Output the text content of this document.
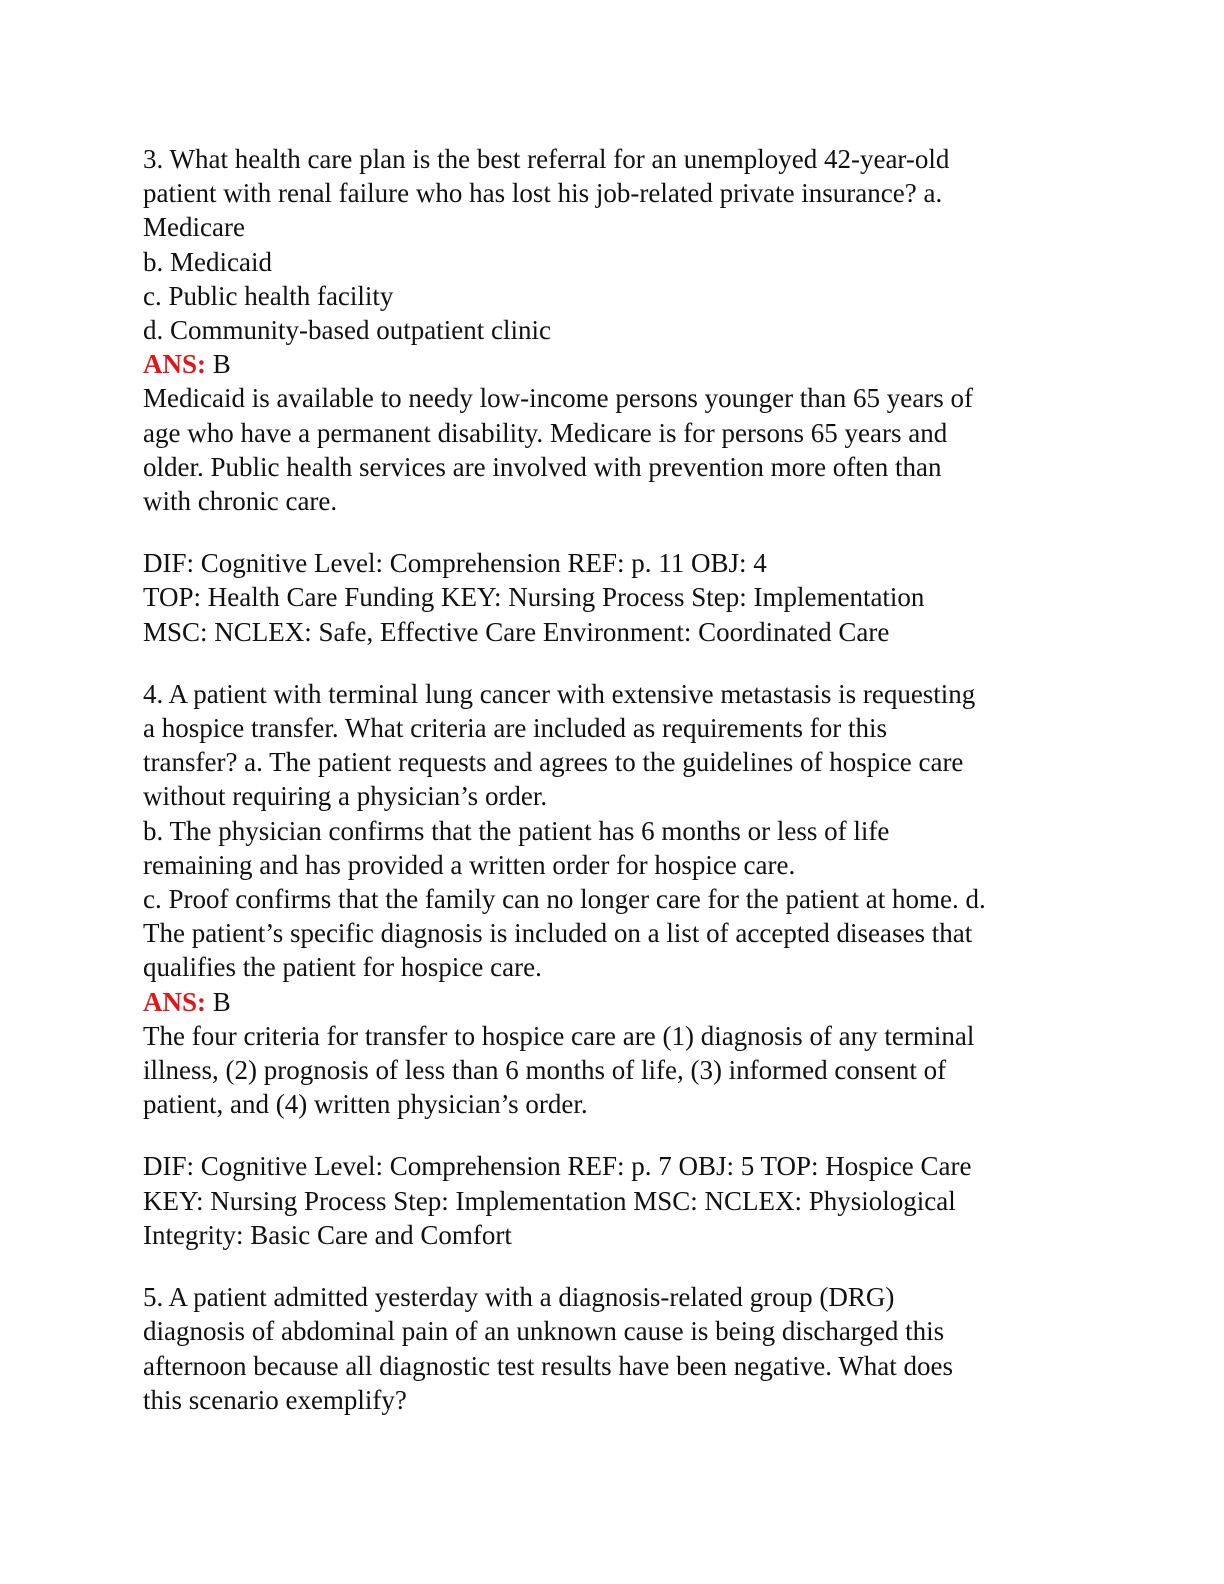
3. What health care plan is the best referral for an unemployed 42-year-old
patient with renal failure who has lost his job-related private insurance? a.
Medicare
b. Medicaid
c. Public health facility
d. Community-based outpatient clinic
ANS: B
Medicaid is available to needy low-income persons younger than 65 years of
age who have a permanent disability. Medicare is for persons 65 years and
older. Public health services are involved with prevention more often than
with chronic care.
DIF: Cognitive Level: Comprehension REF: p. 11 OBJ: 4
TOP: Health Care Funding KEY: Nursing Process Step: Implementation
MSC: NCLEX: Safe, Effective Care Environment: Coordinated Care
4. A patient with terminal lung cancer with extensive metastasis is requesting
a hospice transfer. What criteria are included as requirements for this
transfer? a. The patient requests and agrees to the guidelines of hospice care
without requiring a physician’s order.
b. The physician confirms that the patient has 6 months or less of life
remaining and has provided a written order for hospice care.
c. Proof confirms that the family can no longer care for the patient at home. d.
The patient’s specific diagnosis is included on a list of accepted diseases that
qualifies the patient for hospice care.
ANS: B
The four criteria for transfer to hospice care are (1) diagnosis of any terminal
illness, (2) prognosis of less than 6 months of life, (3) informed consent of
patient, and (4) written physician’s order.
DIF: Cognitive Level: Comprehension REF: p. 7 OBJ: 5 TOP: Hospice Care
KEY: Nursing Process Step: Implementation MSC: NCLEX: Physiological
Integrity: Basic Care and Comfort
5. A patient admitted yesterday with a diagnosis-related group (DRG)
diagnosis of abdominal pain of an unknown cause is being discharged this
afternoon because all diagnostic test results have been negative. What does
this scenario exemplify?
